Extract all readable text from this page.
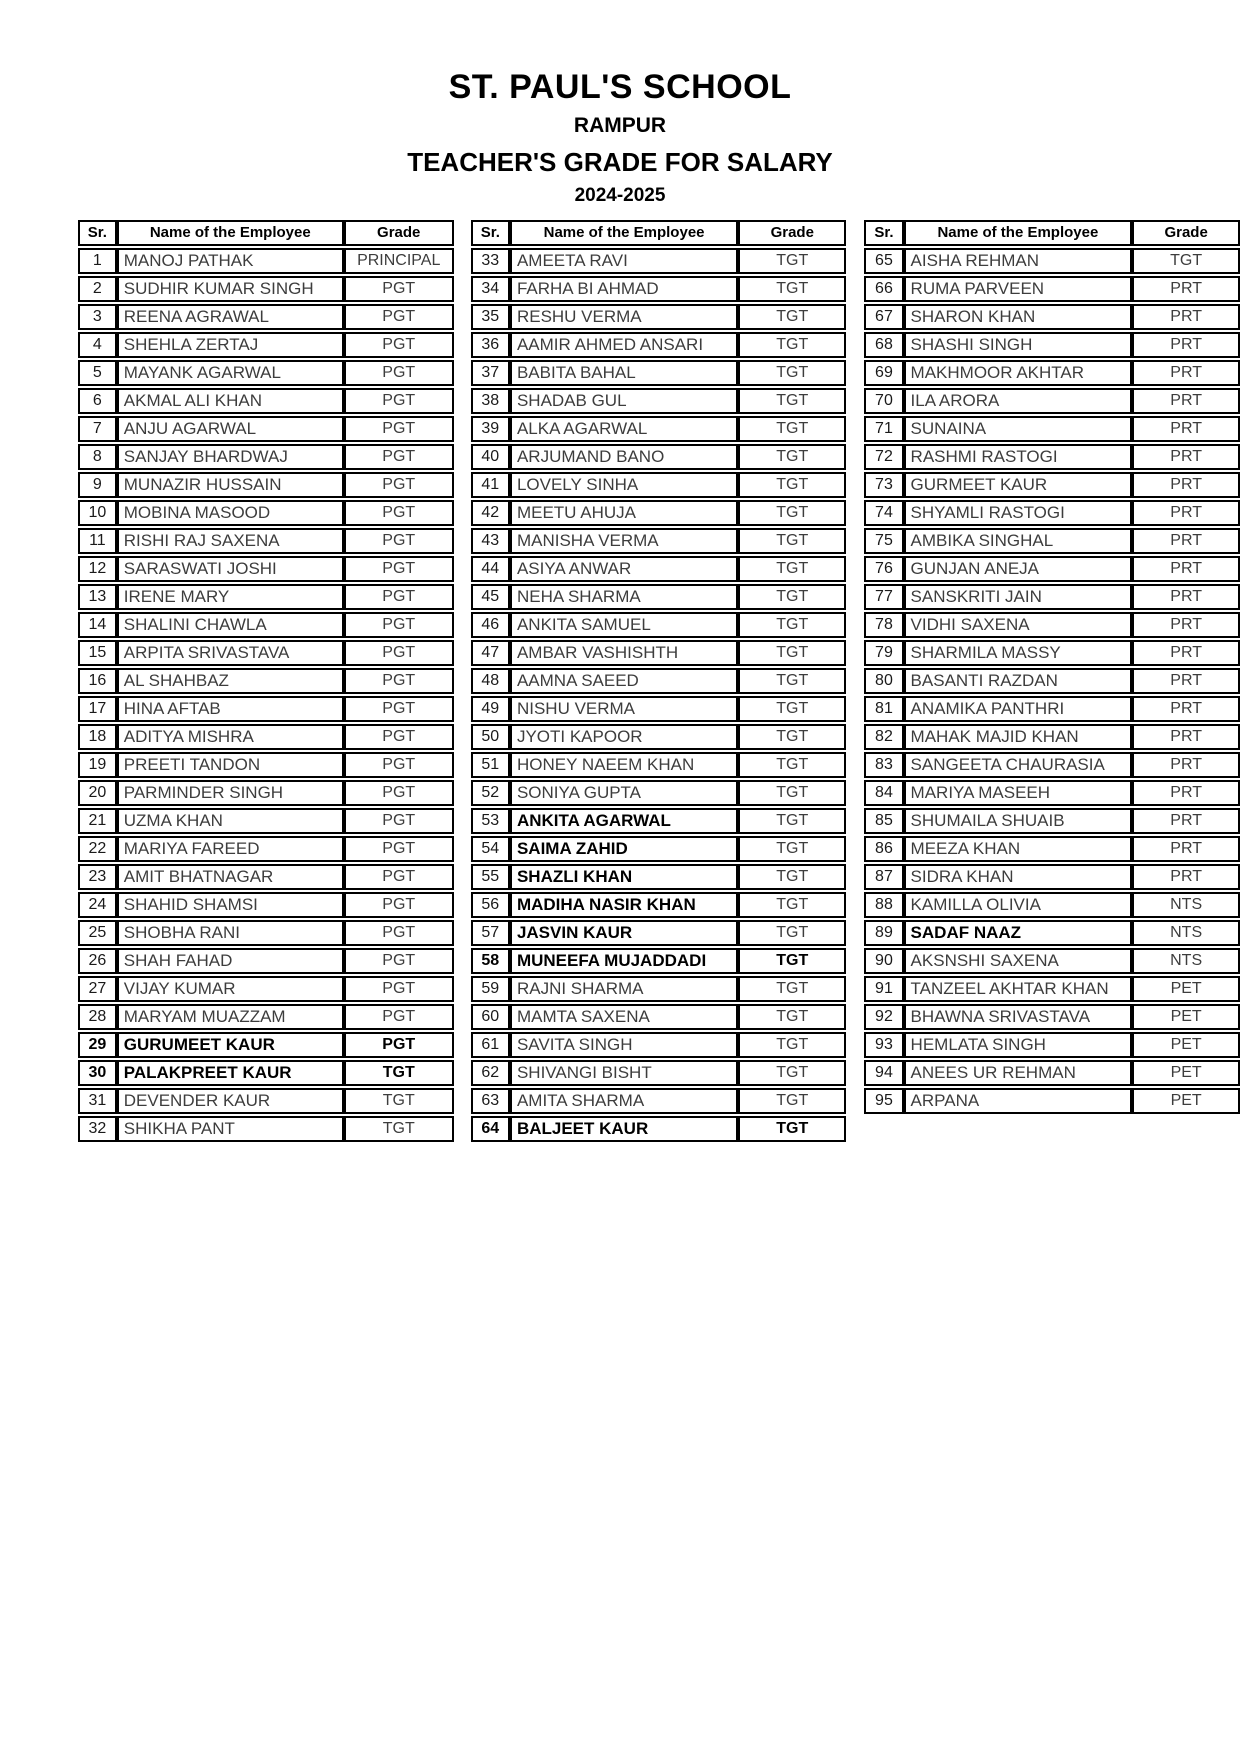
ST. PAUL'S SCHOOL
RAMPUR
TEACHER'S GRADE FOR SALARY
2024-2025
Sr.	Name of the Employee	Grade
1	MANOJ PATHAK	PRINCIPAL
2	SUDHIR KUMAR SINGH	PGT
3	REENA AGRAWAL	PGT
4	SHEHLA ZERTAJ	PGT
5	MAYANK AGARWAL	PGT
6	AKMAL ALI KHAN	PGT
7	ANJU AGARWAL	PGT
8	SANJAY BHARDWAJ	PGT
9	MUNAZIR HUSSAIN	PGT
10	MOBINA MASOOD	PGT
11	RISHI RAJ SAXENA	PGT
12	SARASWATI JOSHI	PGT
13	IRENE MARY	PGT
14	SHALINI CHAWLA	PGT
15	ARPITA SRIVASTAVA	PGT
16	AL SHAHBAZ	PGT
17	HINA AFTAB	PGT
18	ADITYA MISHRA	PGT
19	PREETI TANDON	PGT
20	PARMINDER SINGH	PGT
21	UZMA KHAN	PGT
22	MARIYA FAREED	PGT
23	AMIT BHATNAGAR	PGT
24	SHAHID SHAMSI	PGT
25	SHOBHA RANI	PGT
26	SHAH FAHAD	PGT
27	VIJAY KUMAR	PGT
28	MARYAM MUAZZAM	PGT
29	GURUMEET KAUR	PGT
30	PALAKPREET KAUR	TGT
31	DEVENDER KAUR	TGT
32	SHIKHA PANT	TGT
Sr.	Name of the Employee	Grade
33	AMEETA RAVI	TGT
34	FARHA BI AHMAD	TGT
35	RESHU VERMA	TGT
36	AAMIR AHMED ANSARI	TGT
37	BABITA BAHAL	TGT
38	SHADAB GUL	TGT
39	ALKA AGARWAL	TGT
40	ARJUMAND BANO	TGT
41	LOVELY SINHA	TGT
42	MEETU AHUJA	TGT
43	MANISHA VERMA	TGT
44	ASIYA ANWAR	TGT
45	NEHA SHARMA	TGT
46	ANKITA SAMUEL	TGT
47	AMBAR VASHISHTH	TGT
48	AAMNA SAEED	TGT
49	NISHU VERMA	TGT
50	JYOTI KAPOOR	TGT
51	HONEY NAEEM KHAN	TGT
52	SONIYA GUPTA	TGT
53	ANKITA AGARWAL	TGT
54	SAIMA ZAHID	TGT
55	SHAZLI KHAN	TGT
56	MADIHA NASIR KHAN	TGT
57	JASVIN KAUR	TGT
58	MUNEEFA MUJADDADI	TGT
59	RAJNI SHARMA	TGT
60	MAMTA SAXENA	TGT
61	SAVITA SINGH	TGT
62	SHIVANGI BISHT	TGT
63	AMITA SHARMA	TGT
64	BALJEET KAUR	TGT
Sr.	Name of the Employee	Grade
65	AISHA REHMAN	TGT
66	RUMA PARVEEN	PRT
67	SHARON KHAN	PRT
68	SHASHI SINGH	PRT
69	MAKHMOOR AKHTAR	PRT
70	ILA ARORA	PRT
71	SUNAINA	PRT
72	RASHMI RASTOGI	PRT
73	GURMEET KAUR	PRT
74	SHYAMLI RASTOGI	PRT
75	AMBIKA SINGHAL	PRT
76	GUNJAN ANEJA	PRT
77	SANSKRITI JAIN	PRT
78	VIDHI SAXENA	PRT
79	SHARMILA MASSY	PRT
80	BASANTI RAZDAN	PRT
81	ANAMIKA PANTHRI	PRT
82	MAHAK MAJID KHAN	PRT
83	SANGEETA CHAURASIA	PRT
84	MARIYA MASEEH	PRT
85	SHUMAILA SHUAIB	PRT
86	MEEZA KHAN	PRT
87	SIDRA KHAN	PRT
88	KAMILLA OLIVIA	NTS
89	SADAF NAAZ	NTS
90	AKSNSHI SAXENA	NTS
91	TANZEEL AKHTAR KHAN	PET
92	BHAWNA SRIVASTAVA	PET
93	HEMLATA SINGH	PET
94	ANEES UR REHMAN	PET
95	ARPANA	PET
